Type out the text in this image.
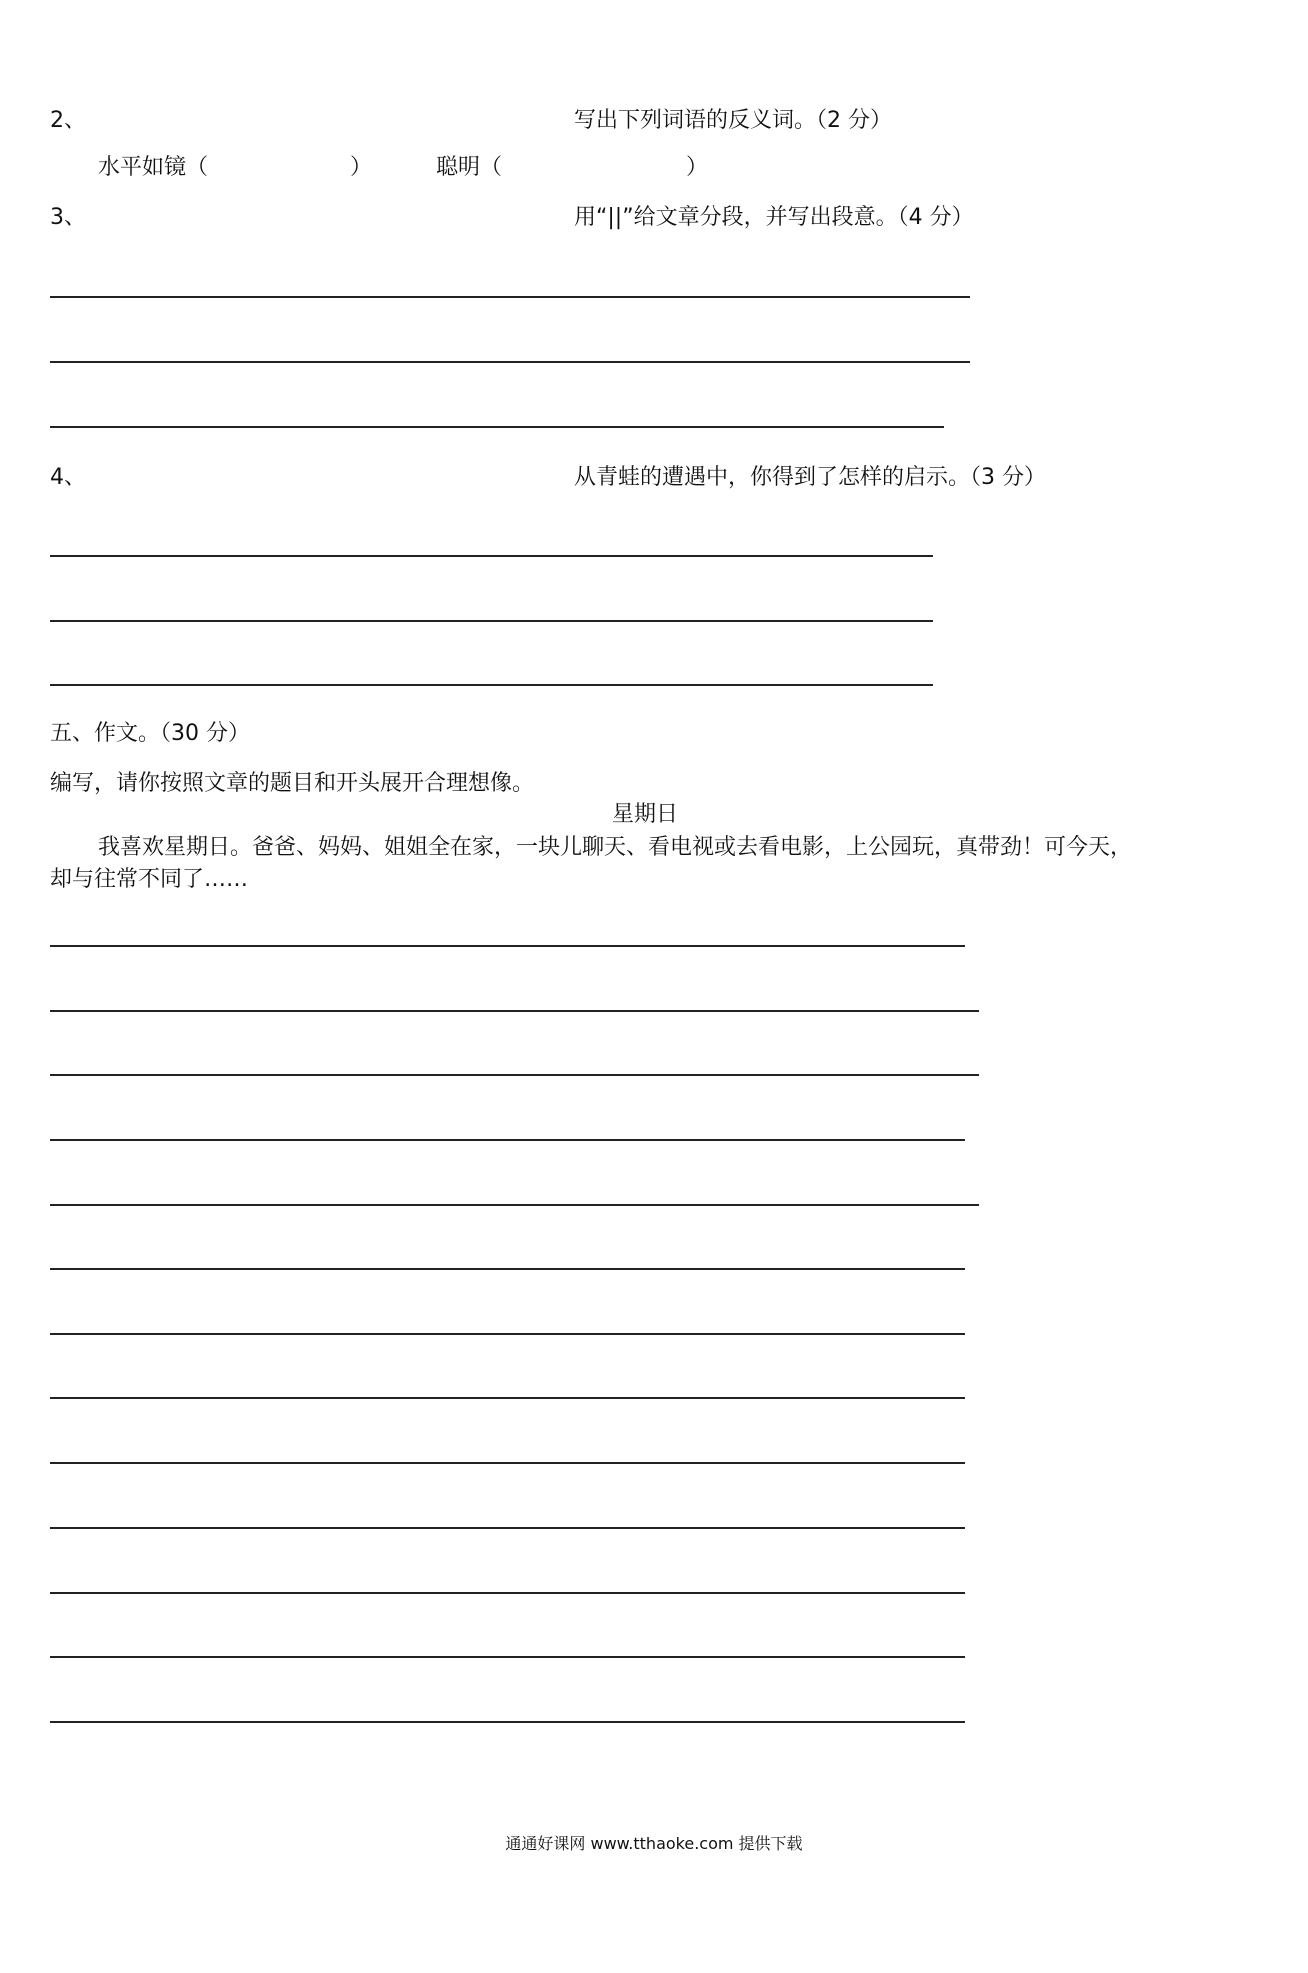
2、	写出下列词语的反义词。（2 分）
水平如镜（	）	聪明（	）
3、	用“||”给文章分段，并写出段意。（4 分）
4、	从青蛙的遭遇中，你得到了怎样的启示。（3 分）
五、作文。（30 分）
编写，请你按照文章的题目和开头展开合理想像。
星期日
我喜欢星期日。爸爸、妈妈、姐姐全在家，一块儿聊天、看电视或去看电影，上公园玩，真带劲！可今天，
却与往常不同了……
通通好课网 www.tthaoke.com 提供下载
